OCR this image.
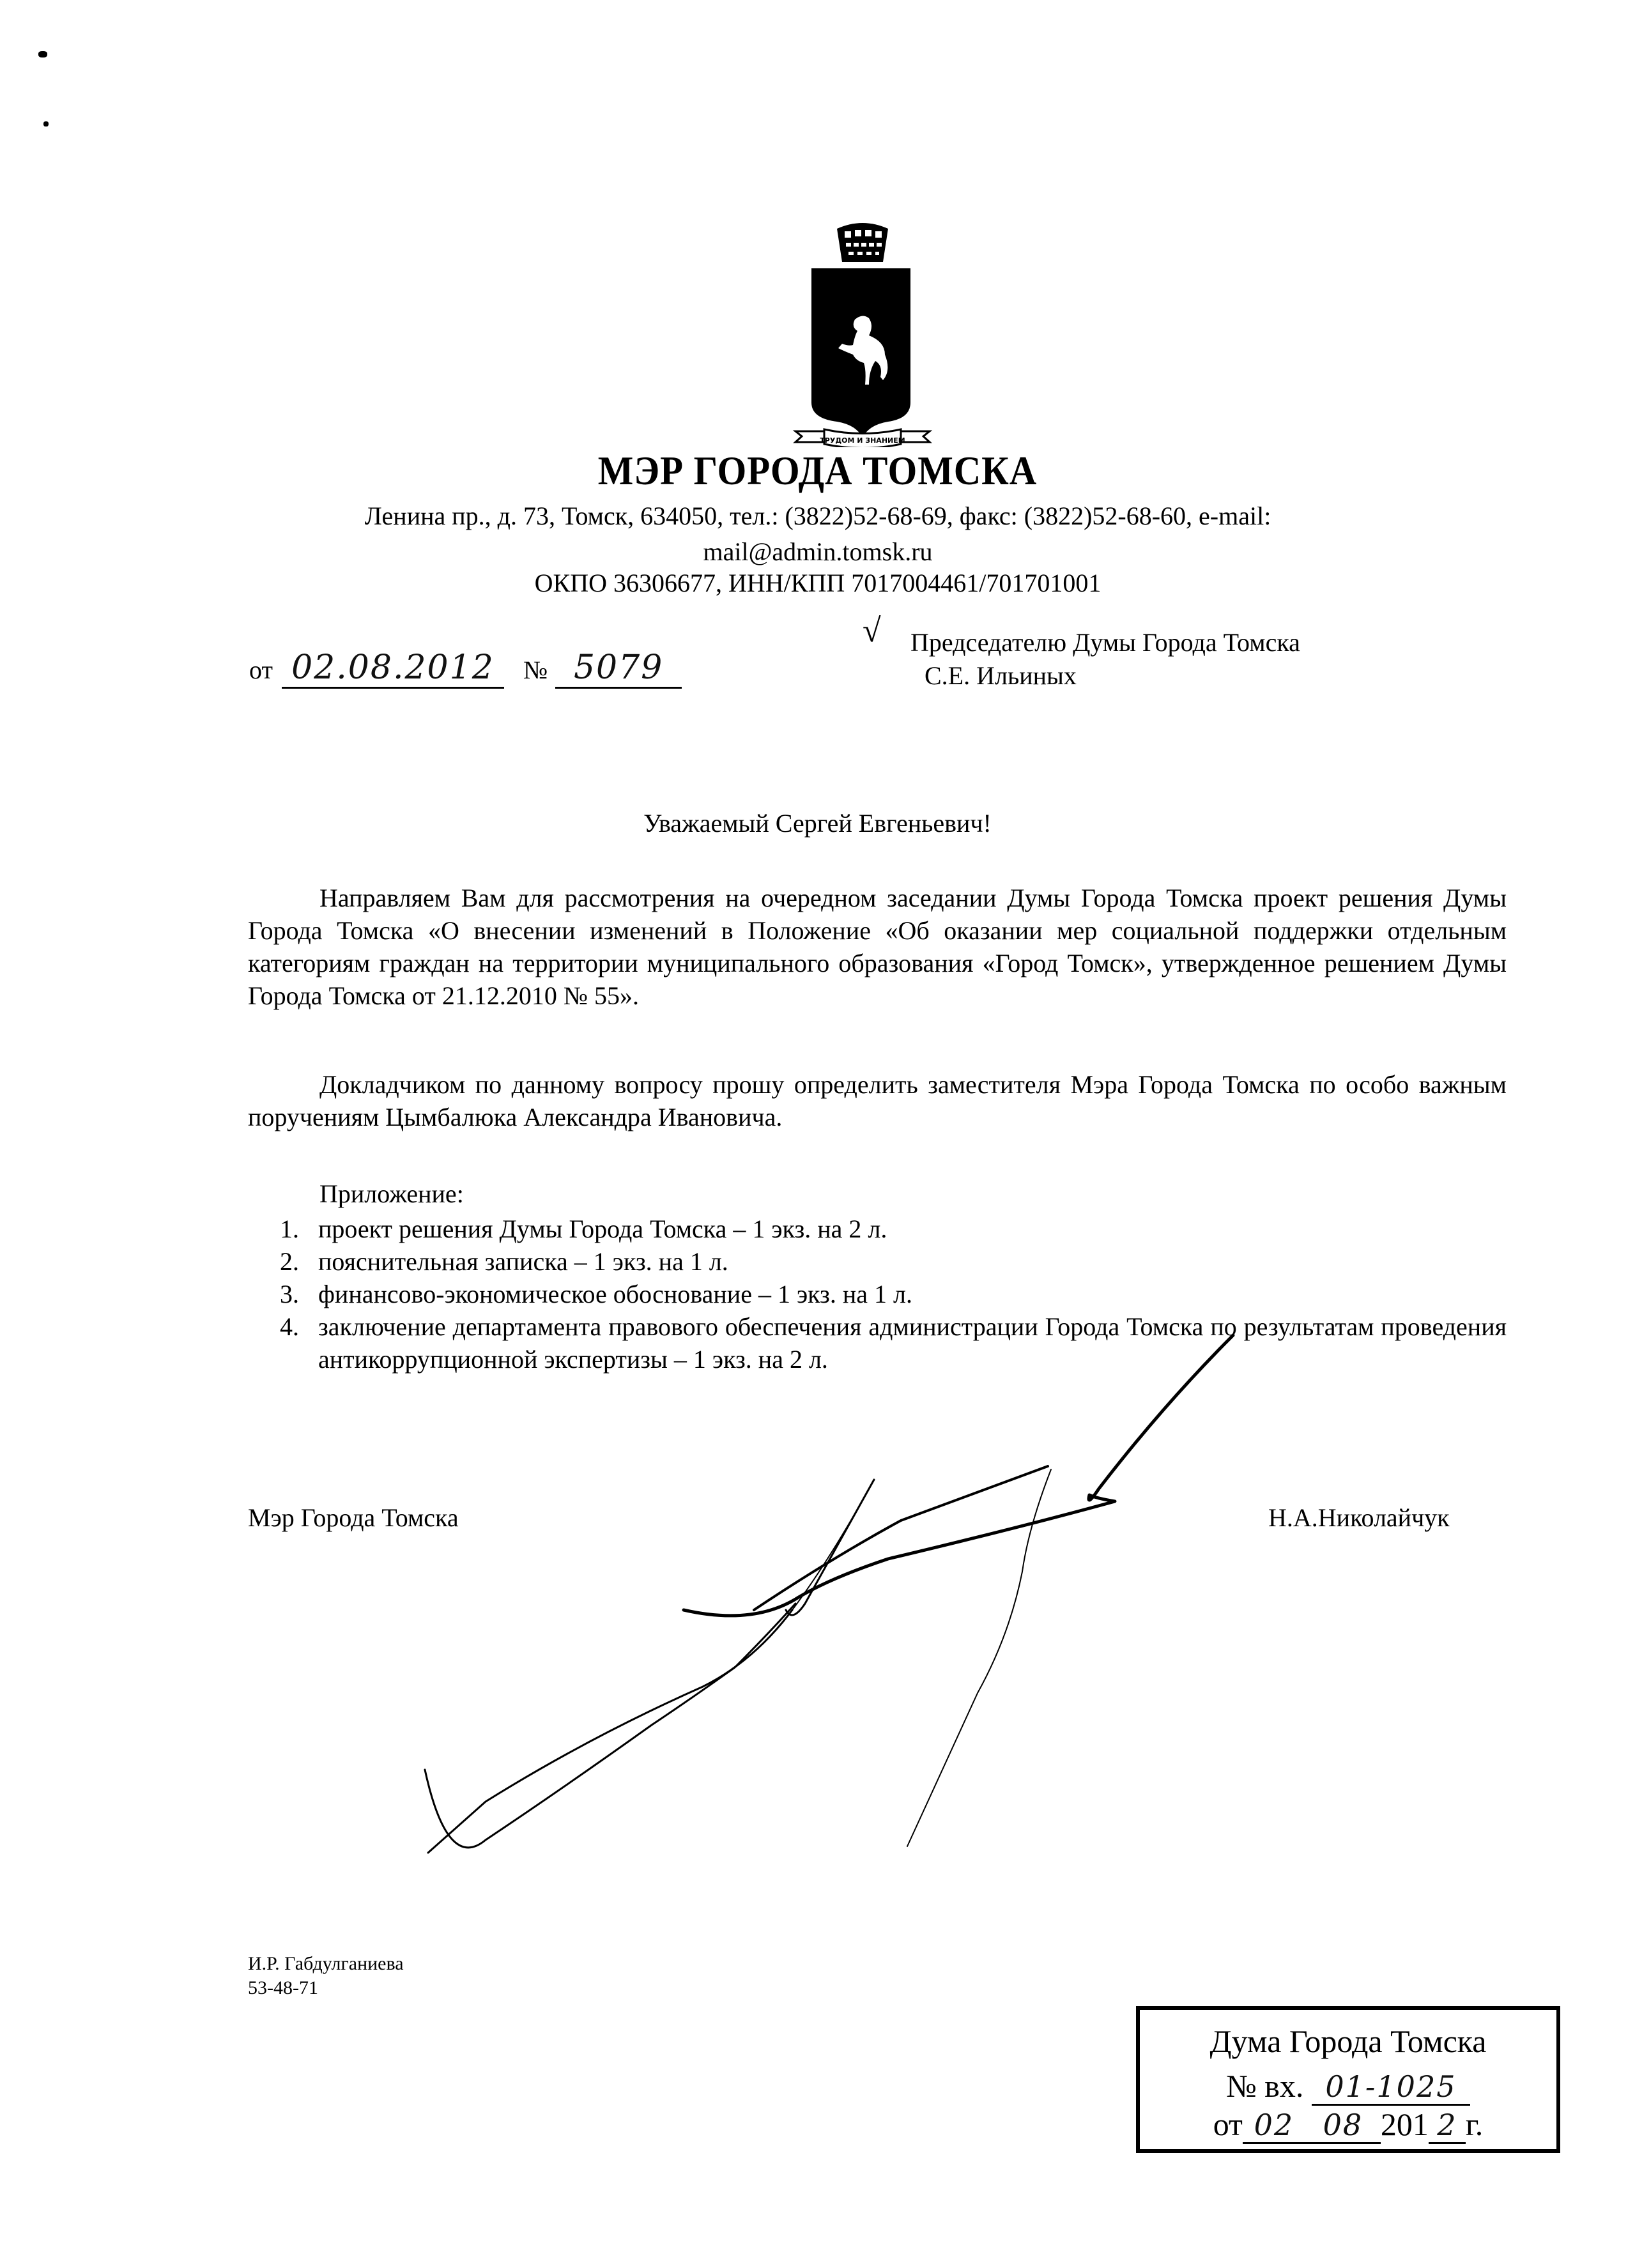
ТРУДОМ И ЗНАНИЕМ
МЭР ГОРОДА ТОМСКА
Ленина пр., д. 73, Томск, 634050, тел.: (3822)52-68-69, факс: (3822)52-68-60, e-mail:
mail@admin.tomsk.ru
ОКПО 36306677, ИНН/КПП 7017004461/701701001
от 02.08.2012	№ 5079
√ Председателю Думы Города Томска
С.Е. Ильиных
Уважаемый Сергей Евгеньевич!
Направляем Вам для рассмотрения на очередном заседании Думы Города Томска проект решения Думы Города Томска «О внесении изменений в Положение «Об оказании мер социальной поддержки отдельным категориям граждан на территории муниципального образования «Город Томск», утвержденное решением Думы Города Томска от 21.12.2010 № 55».
Докладчиком по данному вопросу прошу определить заместителя Мэра Города Томска по особо важным поручениям Цымбалюка Александра Ивановича.
Приложение:
1. проект решения Думы Города Томска – 1 экз. на 2 л.
2. пояснительная записка – 1 экз. на 1 л.
3. финансово-экономическое обоснование – 1 экз. на 1 л.
4. заключение департамента правового обеспечения администрации Города Томска по результатам проведения антикоррупционной экспертизы – 1 экз. на 2 л.
Мэр Города Томска	Н.А.Николайчук
И.Р. Габдулганиева
53-48-71
Дума Города Томска
№ вх. 01-1025
от 02 08 201 2 г.
